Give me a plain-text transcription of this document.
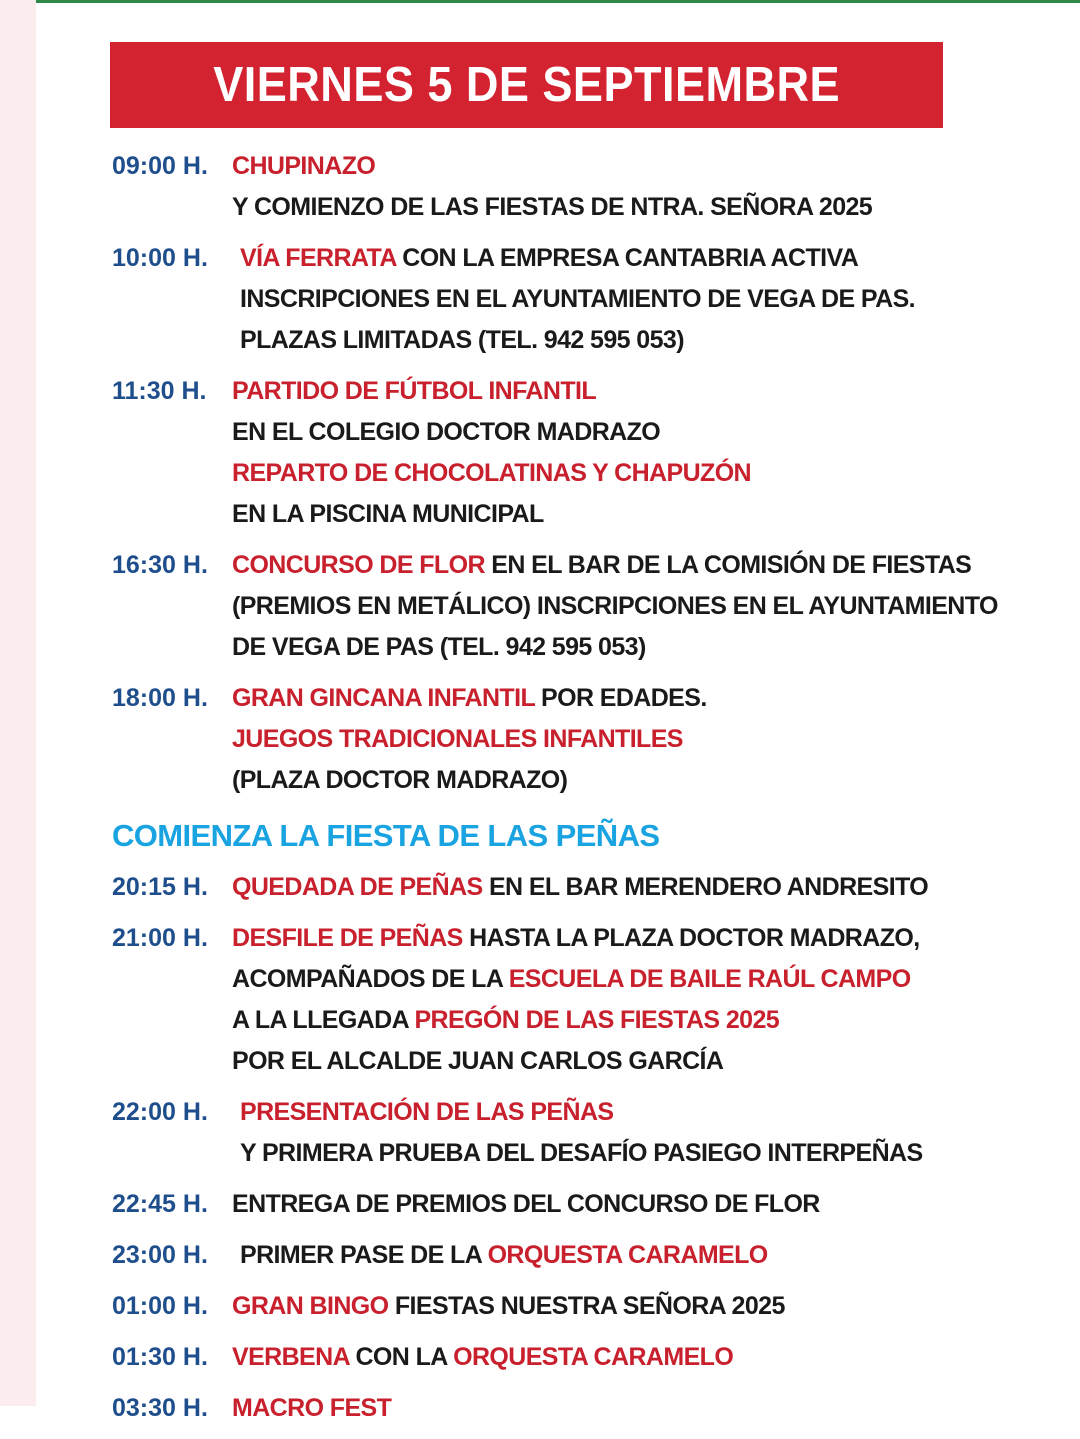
VIERNES 5 DE SEPTIEMBRE
09:00 H. CHUPINAZO
Y COMIENZO DE LAS FIESTAS DE NTRA. SEÑORA 2025
10:00 H.	VÍA FERRATA CON LA EMPRESA CANTABRIA ACTIVA
INSCRIPCIONES EN EL AYUNTAMIENTO DE VEGA DE PAS.
PLAZAS LIMITADAS (TEL. 942 595 053)
11:30 H. PARTIDO DE FÚTBOL INFANTIL
EN EL COLEGIO DOCTOR MADRAZO
REPARTO DE CHOCOLATINAS Y CHAPUZÓN
EN LA PISCINA MUNICIPAL
16:30 H. CONCURSO DE FLOR EN EL BAR DE LA COMISIÓN DE FIESTAS
(PREMIOS EN METÁLICO) INSCRIPCIONES EN EL AYUNTAMIENTO
DE VEGA DE PAS (TEL. 942 595 053)
18:00 H. GRAN GINCANA INFANTIL POR EDADES.
JUEGOS TRADICIONALES INFANTILES
(PLAZA DOCTOR MADRAZO)
COMIENZA LA FIESTA DE LAS PEÑAS
20:15 H. QUEDADA DE PEÑAS EN EL BAR MERENDERO ANDRESITO
21:00 H. DESFILE DE PEÑAS HASTA LA PLAZA DOCTOR MADRAZO,
ACOMPAÑADOS DE LA ESCUELA DE BAILE RAÚL CAMPO
A LA LLEGADA PREGÓN DE LAS FIESTAS 2025
POR EL ALCALDE JUAN CARLOS GARCÍA
22:00 H.	PRESENTACIÓN DE LAS PEÑAS
Y PRIMERA PRUEBA DEL DESAFÍO PASIEGO INTERPEÑAS
22:45 H. ENTREGA DE PREMIOS DEL CONCURSO DE FLOR
23:00 H.	PRIMER PASE DE LA ORQUESTA CARAMELO
01:00 H. GRAN BINGO FIESTAS NUESTRA SEÑORA 2025
01:30 H. VERBENA CON LA ORQUESTA CARAMELO
03:30 H. MACRO FEST
